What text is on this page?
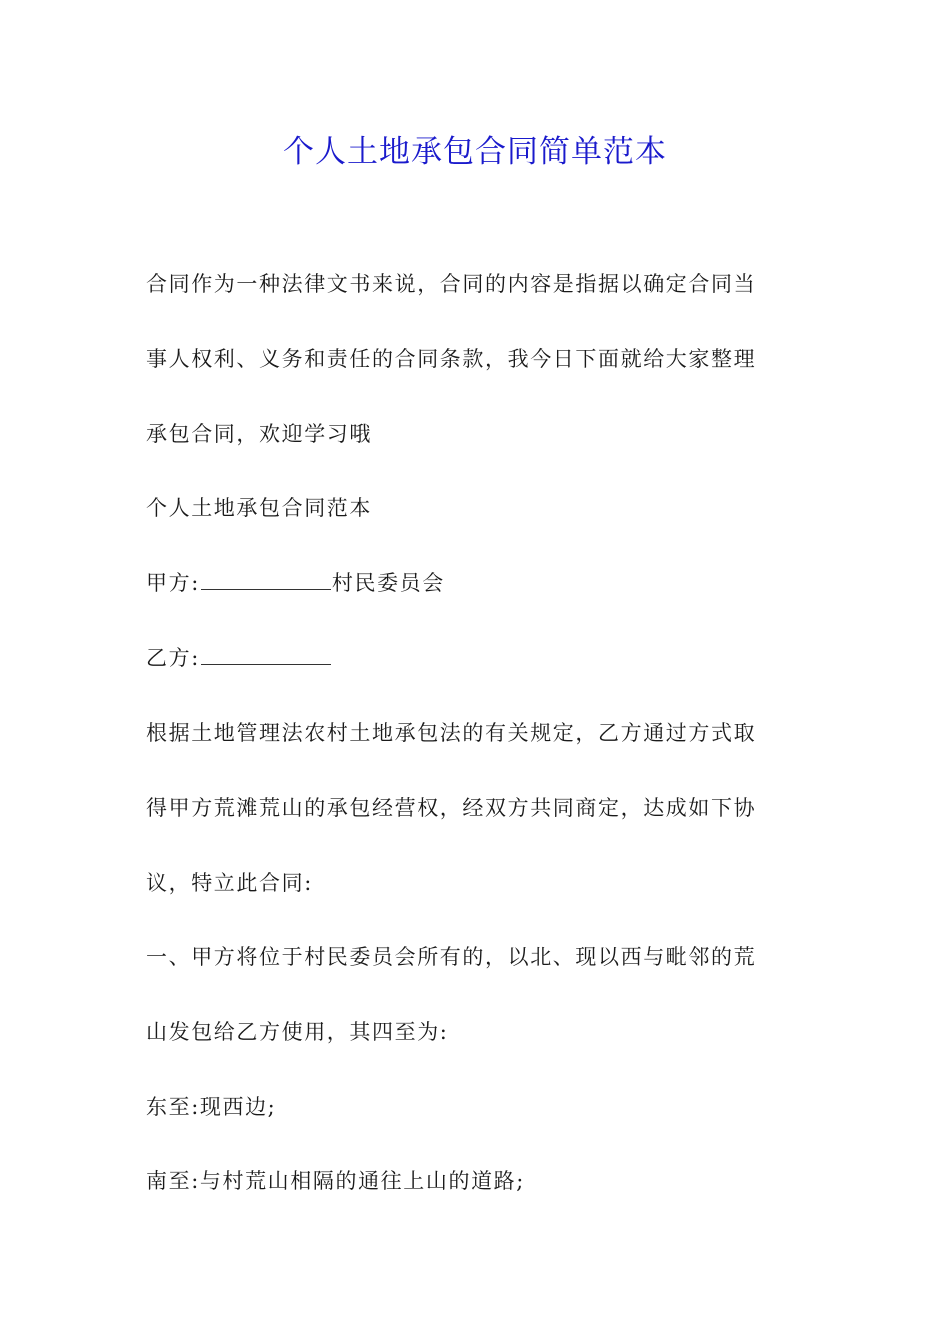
个人土地承包合同简单范本

合同作为一种法律文书来说，合同的内容是指据以确定合同当

事人权利、义务和责任的合同条款，我今日下面就给大家整理

承包合同，欢迎学习哦

个人土地承包合同范本

甲方:	村民委员会

乙方:

根据土地管理法农村土地承包法的有关规定，乙方通过方式取

得甲方荒滩荒山的承包经营权，经双方共同商定，达成如下协

议，特立此合同:

一、甲方将位于村民委员会所有的，以北、现以西与毗邻的荒

山发包给乙方使用，其四至为:

东至:现西边;

南至:与村荒山相隔的通往上山的道路;
